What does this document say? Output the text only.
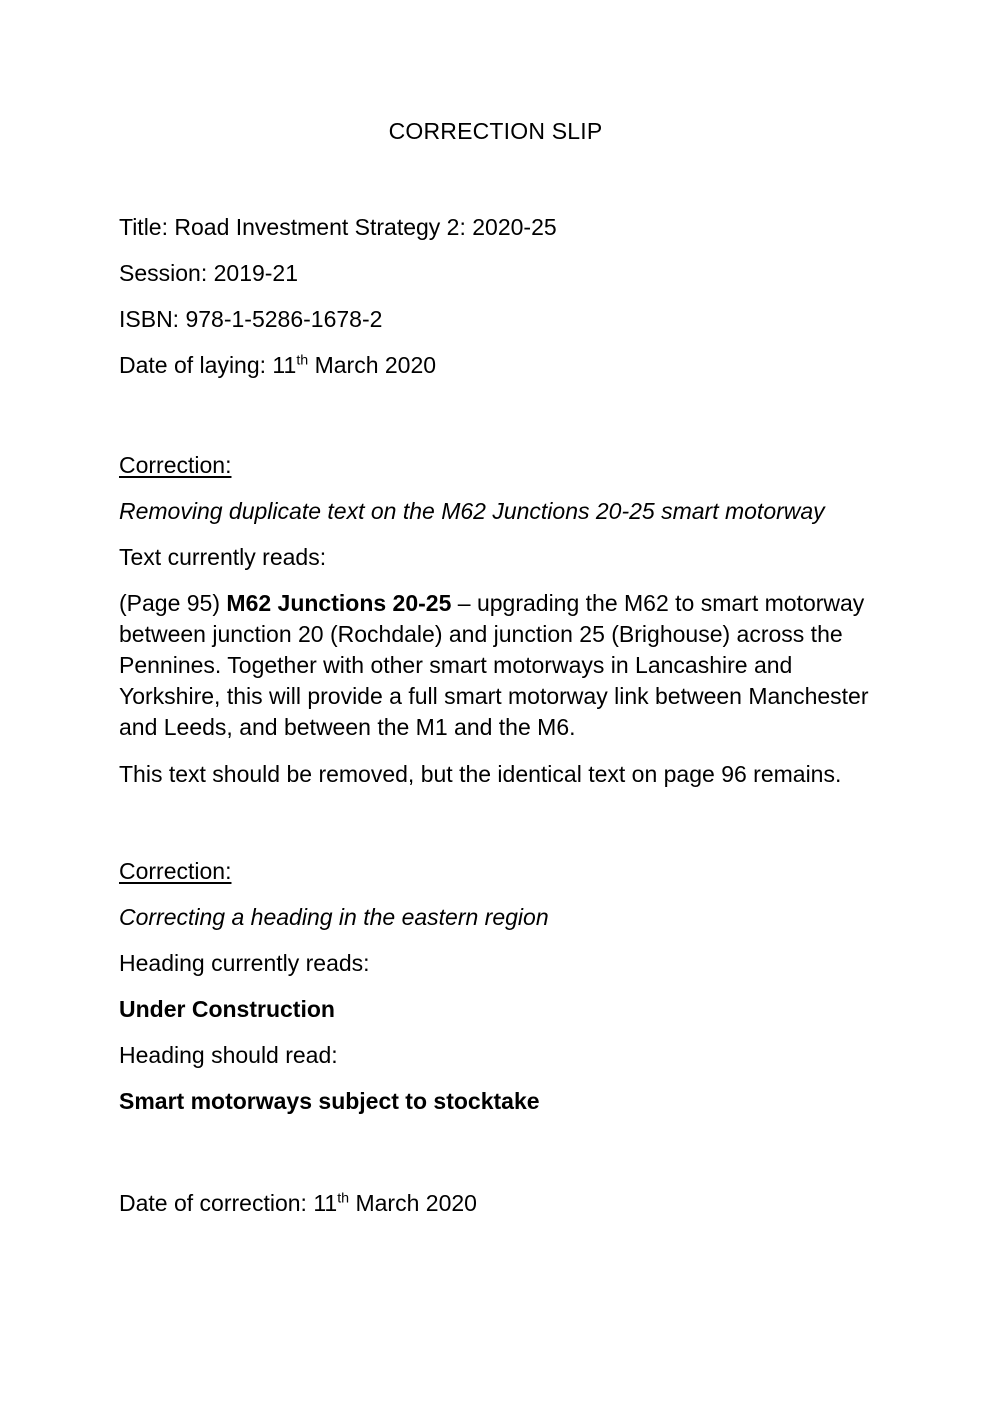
CORRECTION SLIP

Title: Road Investment Strategy 2: 2020-25

Session: 2019-21

ISBN: 978-1-5286-1678-2

Date of laying: 11th March 2020

Correction:

Removing duplicate text on the M62 Junctions 20-25 smart motorway

Text currently reads:

(Page 95) M62 Junctions 20-25 – upgrading the M62 to smart motorway between junction 20 (Rochdale) and junction 25 (Brighouse) across the Pennines. Together with other smart motorways in Lancashire and Yorkshire, this will provide a full smart motorway link between Manchester and Leeds, and between the M1 and the M6.

This text should be removed, but the identical text on page 96 remains.

Correction:

Correcting a heading in the eastern region

Heading currently reads:

Under Construction

Heading should read:

Smart motorways subject to stocktake

Date of correction: 11th March 2020
